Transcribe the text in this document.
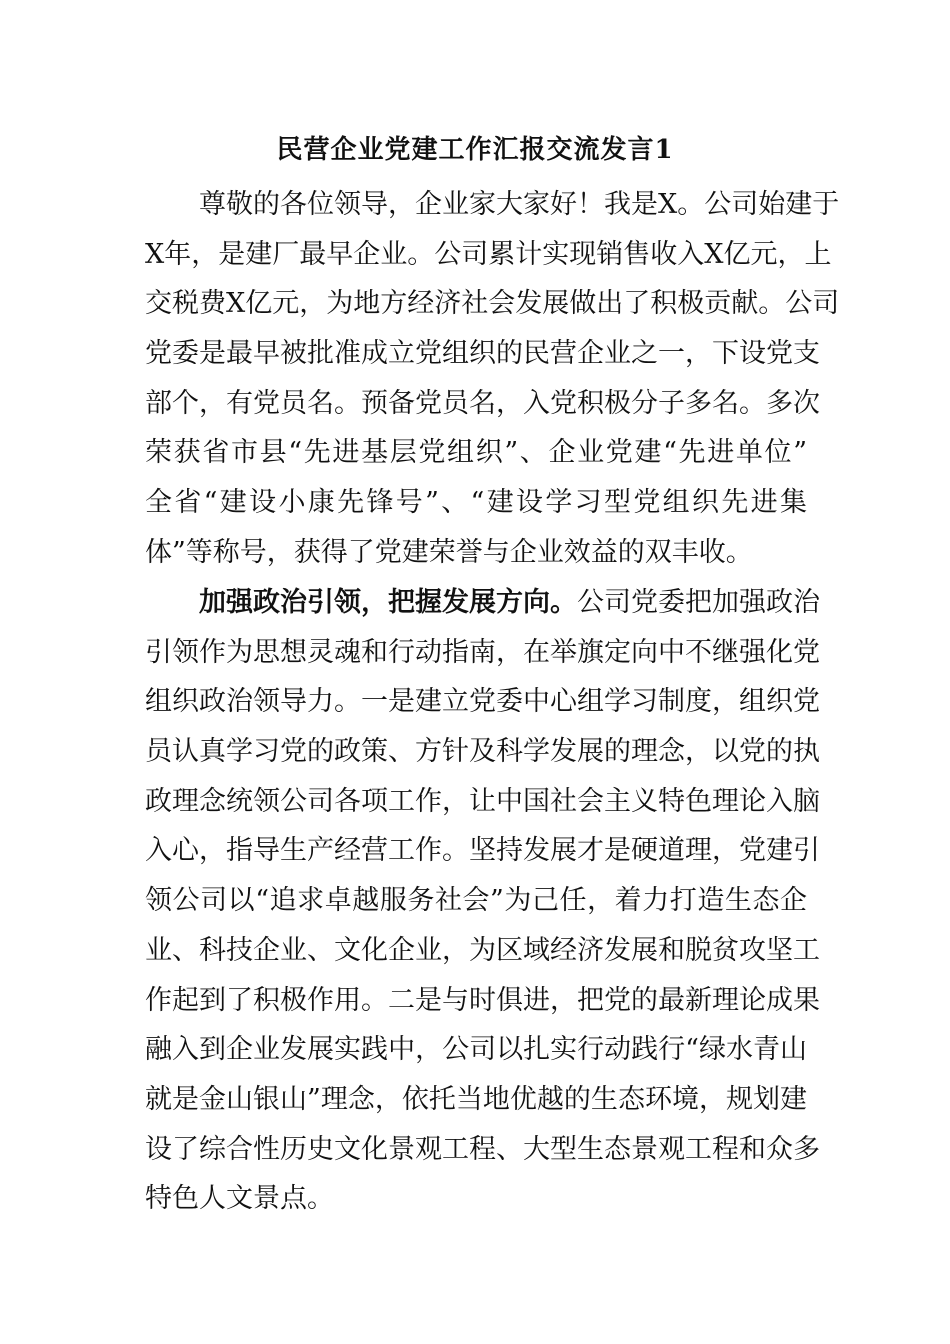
民营企业党建工作汇报交流发言1
尊敬的各位领导，企业家大家好！我是X。公司始建于
X年，是建厂最早企业。公司累计实现销售收入X亿元，上
交税费X亿元，为地方经济社会发展做出了积极贡献。公司
党委是最早被批准成立党组织的民营企业之一，下设党支
部个，有党员名。预备党员名，入党积极分子多名。多次
荣获省市县“先进基层党组织”、企业党建“先进单位”
全省“建设小康先锋号”、“建设学习型党组织先进集
体”等称号，获得了党建荣誉与企业效益的双丰收。
加强政治引领，把握发展方向。公司党委把加强政治
引领作为思想灵魂和行动指南，在举旗定向中不继强化党
组织政治领导力。一是建立党委中心组学习制度，组织党
员认真学习党的政策、方针及科学发展的理念，以党的执
政理念统领公司各项工作，让中国社会主义特色理论入脑
入心，指导生产经营工作。坚持发展才是硬道理，党建引
领公司以“追求卓越服务社会”为己任，着力打造生态企
业、科技企业、文化企业，为区域经济发展和脱贫攻坚工
作起到了积极作用。二是与时俱进，把党的最新理论成果
融入到企业发展实践中，公司以扎实行动践行“绿水青山
就是金山银山”理念，依托当地优越的生态环境，规划建
设了综合性历史文化景观工程、大型生态景观工程和众多
特色人文景点。
